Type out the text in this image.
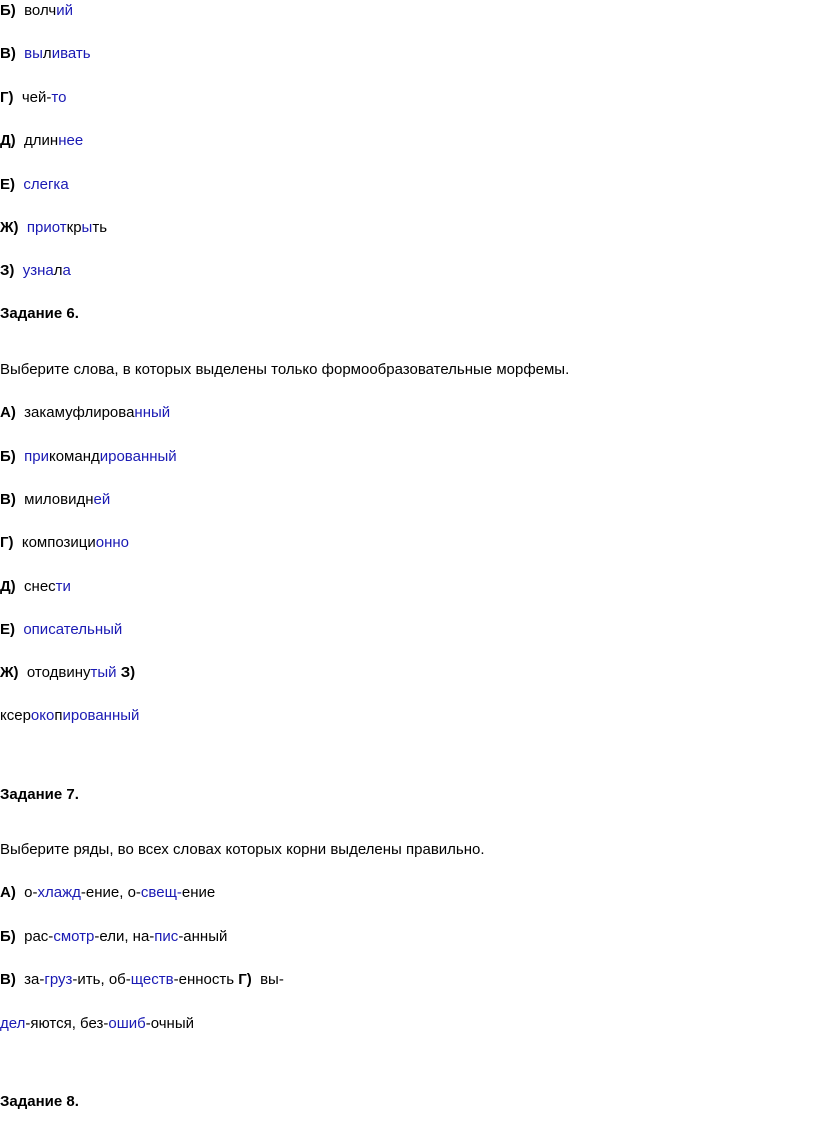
Б) волчий
В) выливать
Г) чей-то
Д) длиннее
Е) слегка
Ж) приоткрыть
З) узнала
А) закамуфлированный
Б) прикомандированный
В) миловидней
Г) композиционно
Д) снести
Е) описательный
Ж) отодвинутый З)
ксерокопированный
А) о-хлажд-ение, о-свещ-ение
Б) рас-смотр-ели, на-пис-анный
В) за-груз-ить, об-ществ-енность Г) вы-
дел-яются, без-ошиб-очный
Задание 6.
Выберите слова, в которых выделены только формообразовательные морфемы.
Задание 7.
Выберите ряды, во всех словах которых корни выделены правильно.
Задание 8.
